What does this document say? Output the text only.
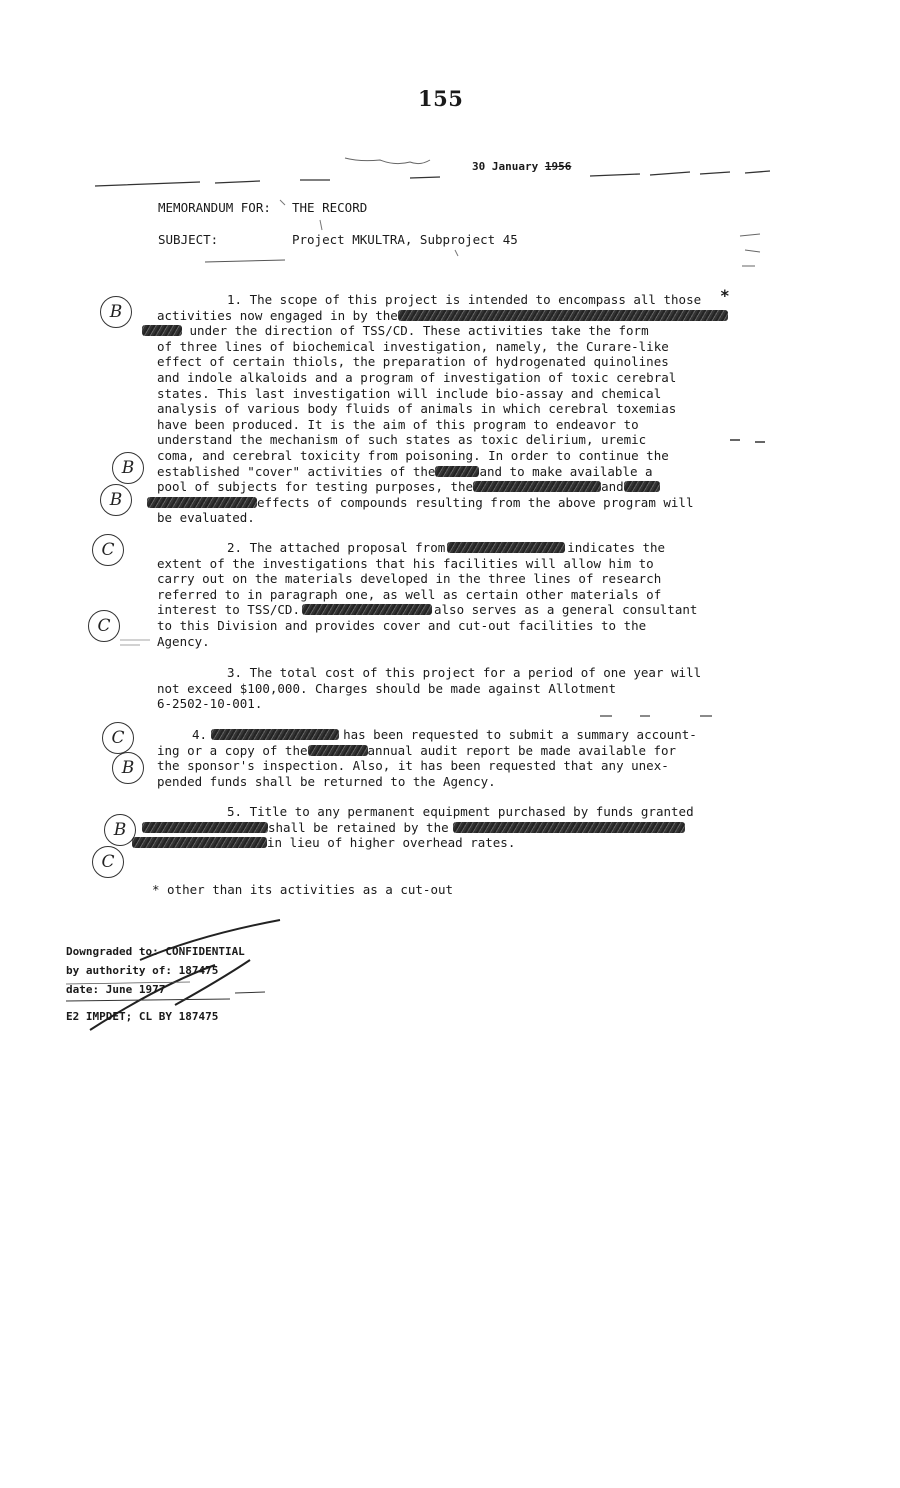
155
30 January 1956
MEMORANDUM FOR: THE RECORD
SUBJECT:	Project MKULTRA, Subproject 45
B
B
B
C
C
C
B
B
C
*
1. The scope of this project is intended to encompass all those
activities now engaged in by the
under the direction of TSS/CD. These activities take the form
of three lines of biochemical investigation, namely, the Curare-like
effect of certain thiols, the preparation of hydrogenated quinolines
and indole alkaloids and a program of investigation of toxic cerebral
states. This last investigation will include bio-assay and chemical
analysis of various body fluids of animals in which cerebral toxemias
have been produced. It is the aim of this program to endeavor to
understand the mechanism of such states as toxic delirium, uremic
coma, and cerebral toxicity from poisoning. In order to continue the
established "cover" activities of the	and to make available a
pool of subjects for testing purposes, the	and
effects of compounds resulting from the above program will
be evaluated.
2. The attached proposal from	indicates the
extent of the investigations that his facilities will allow him to
carry out on the materials developed in the three lines of research
referred to in paragraph one, as well as certain other materials of
interest to TSS/CD.	also serves as a general consultant
to this Division and provides cover and cut-out facilities to the
Agency.
3. The total cost of this project for a period of one year will
not exceed $100,000. Charges should be made against Allotment
6-2502-10-001.
4.	has been requested to submit a summary account-
ing or a copy of the	annual audit report be made available for
the sponsor's inspection. Also, it has been requested that any unex-
pended funds shall be returned to the Agency.
5. Title to any permanent equipment purchased by funds granted
shall be retained by the
in lieu of higher overhead rates.
* other than its activities as a cut-out
Downgraded to: CONFIDENTIAL
by authority of: 187475
date: June 1977
E2 IMPDET; CL BY 187475
